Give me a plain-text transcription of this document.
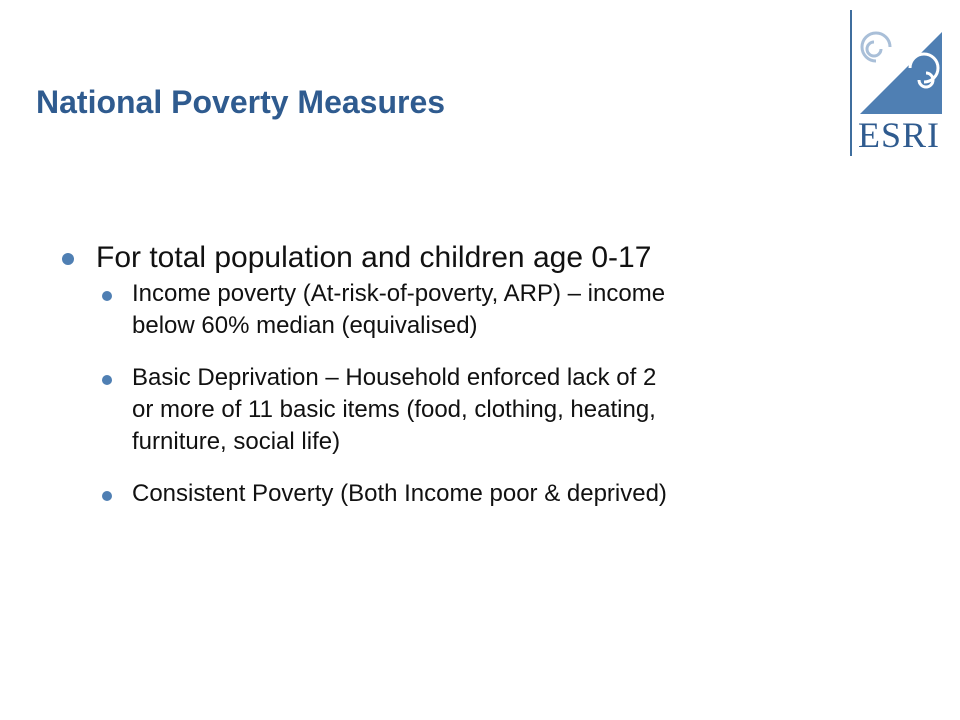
National Poverty Measures
ESRI
For total population and children age 0-17
Income poverty (At-risk-of-poverty, ARP) – income
below 60% median (equivalised)
Basic Deprivation – Household enforced lack of 2
or more of 11 basic items (food, clothing, heating,
furniture, social life)
Consistent Poverty (Both Income poor & deprived)
